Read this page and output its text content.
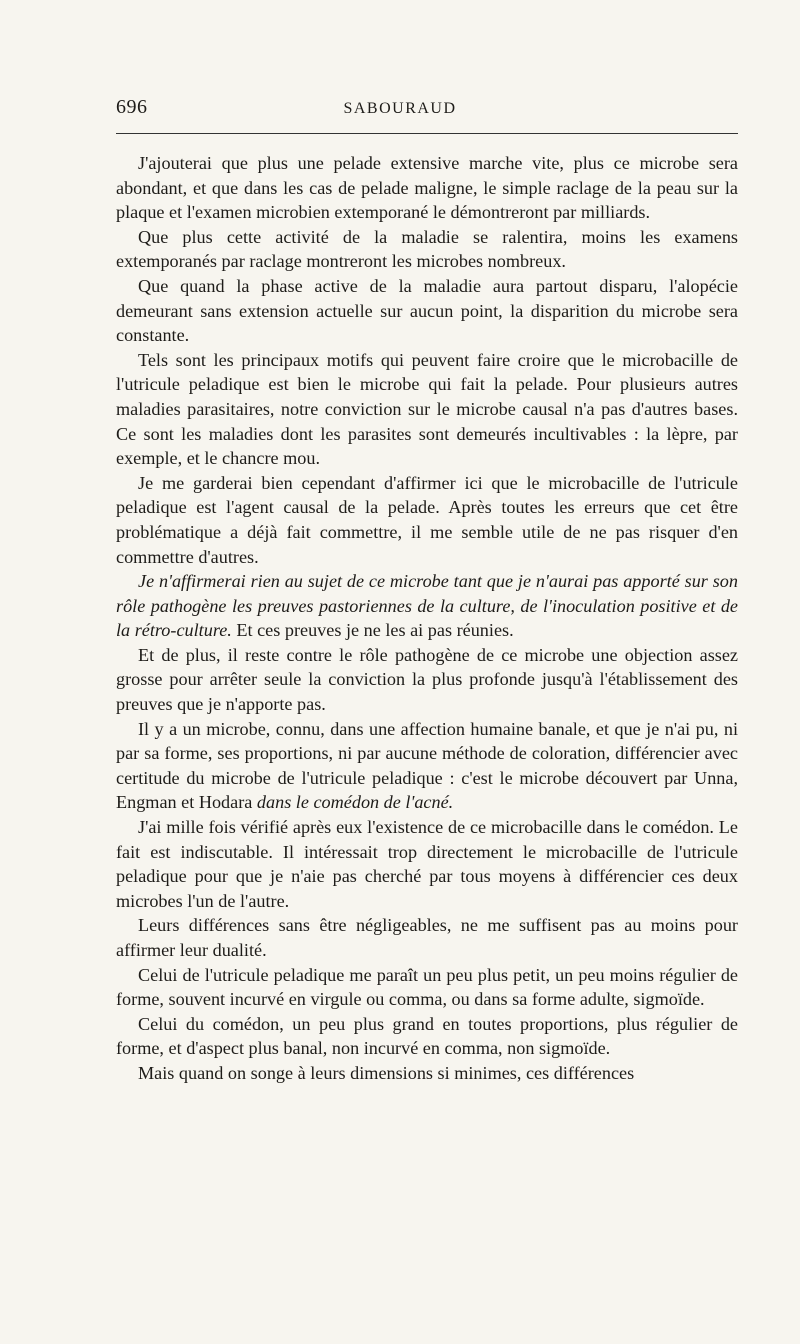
696	SABOURAUD

J'ajouterai que plus une pelade extensive marche vite, plus ce microbe sera abondant, et que dans les cas de pelade maligne, le simple raclage de la peau sur la plaque et l'examen microbien extemporané le démontreront par milliards.

Que plus cette activité de la maladie se ralentira, moins les examens extemporanés par raclage montreront les microbes nombreux.

Que quand la phase active de la maladie aura partout disparu, l'alopécie demeurant sans extension actuelle sur aucun point, la disparition du microbe sera constante.

Tels sont les principaux motifs qui peuvent faire croire que le microbacille de l'utricule peladique est bien le microbe qui fait la pelade. Pour plusieurs autres maladies parasitaires, notre conviction sur le microbe causal n'a pas d'autres bases. Ce sont les maladies dont les parasites sont demeurés incultivables : la lèpre, par exemple, et le chancre mou.

Je me garderai bien cependant d'affirmer ici que le microbacille de l'utricule peladique est l'agent causal de la pelade. Après toutes les erreurs que cet être problématique a déjà fait commettre, il me semble utile de ne pas risquer d'en commettre d'autres.

Je n'affirmerai rien au sujet de ce microbe tant que je n'aurai pas apporté sur son rôle pathogène les preuves pastoriennes de la culture, de l'inoculation positive et de la rétro-culture. Et ces preuves je ne les ai pas réunies.

Et de plus, il reste contre le rôle pathogène de ce microbe une objection assez grosse pour arrêter seule la conviction la plus profonde jusqu'à l'établissement des preuves que je n'apporte pas.

Il y a un microbe, connu, dans une affection humaine banale, et que je n'ai pu, ni par sa forme, ses proportions, ni par aucune méthode de coloration, différencier avec certitude du microbe de l'utricule peladique : c'est le microbe découvert par Unna, Engman et Hodara dans le comédon de l'acné.

J'ai mille fois vérifié après eux l'existence de ce microbacille dans le comédon. Le fait est indiscutable. Il intéressait trop directement le microbacille de l'utricule peladique pour que je n'aie pas cherché par tous moyens à différencier ces deux microbes l'un de l'autre.

Leurs différences sans être négligeables, ne me suffisent pas au moins pour affirmer leur dualité.

Celui de l'utricule peladique me paraît un peu plus petit, un peu moins régulier de forme, souvent incurvé en virgule ou comma, ou dans sa forme adulte, sigmoïde.

Celui du comédon, un peu plus grand en toutes proportions, plus régulier de forme, et d'aspect plus banal, non incurvé en comma, non sigmoïde.

Mais quand on songe à leurs dimensions si minimes, ces différences
